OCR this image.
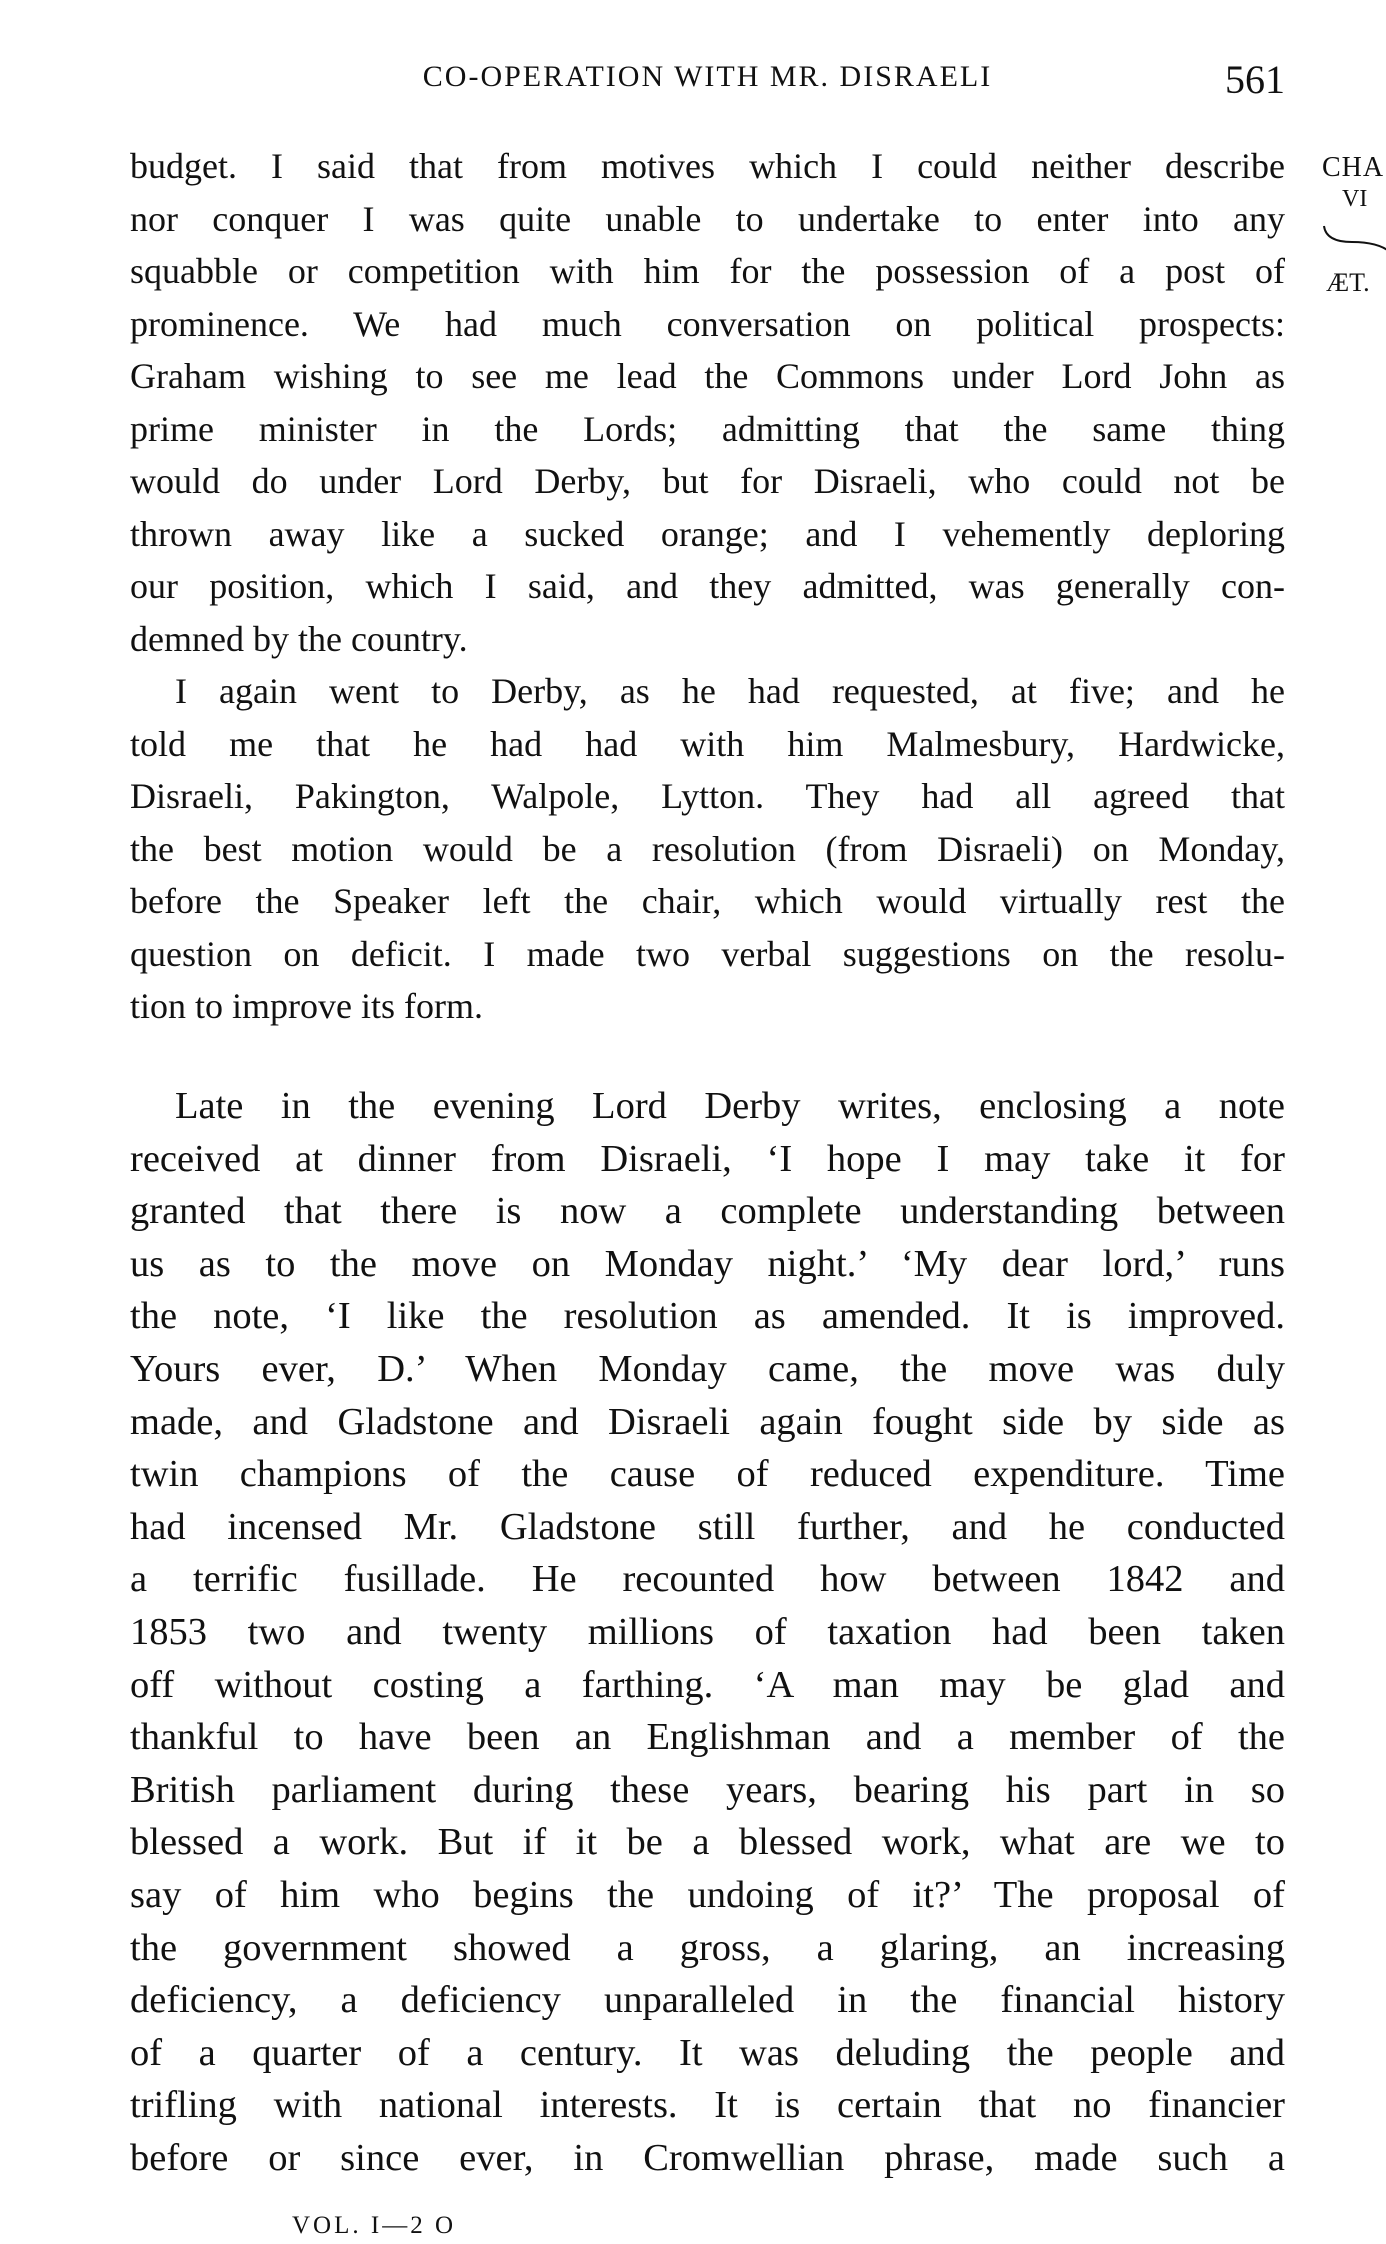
CO-OPERATION WITH MR. DISRAELI	561
CHA
VI
ÆT.
budget. I said that from motives which I could neither describe
nor conquer I was quite unable to undertake to enter into any
squabble or competition with him for the possession of a post of
prominence. We had much conversation on political prospects:
Graham wishing to see me lead the Commons under Lord John as
prime minister in the Lords; admitting that the same thing
would do under Lord Derby, but for Disraeli, who could not be
thrown away like a sucked orange; and I vehemently deploring
our position, which I said, and they admitted, was generally con-
demned by the country.
I again went to Derby, as he had requested, at five; and he
told me that he had had with him Malmesbury, Hardwicke,
Disraeli, Pakington, Walpole, Lytton. They had all agreed that
the best motion would be a resolution (from Disraeli) on Monday,
before the Speaker left the chair, which would virtually rest the
question on deficit. I made two verbal suggestions on the resolu-
tion to improve its form.
Late in the evening Lord Derby writes, enclosing a note
received at dinner from Disraeli, ‘I hope I may take it for
granted that there is now a complete understanding between
us as to the move on Monday night.’ ‘My dear lord,’ runs
the note, ‘I like the resolution as amended. It is improved.
Yours ever, D.’ When Monday came, the move was duly
made, and Gladstone and Disraeli again fought side by side as
twin champions of the cause of reduced expenditure. Time
had incensed Mr. Gladstone still further, and he conducted
a terrific fusillade. He recounted how between 1842 and
1853 two and twenty millions of taxation had been taken
off without costing a farthing. ‘A man may be glad and
thankful to have been an Englishman and a member of the
British parliament during these years, bearing his part in so
blessed a work. But if it be a blessed work, what are we to
say of him who begins the undoing of it?’ The proposal of
the government showed a gross, a glaring, an increasing
deficiency, a deficiency unparalleled in the financial history
of a quarter of a century. It was deluding the people and
trifling with national interests. It is certain that no financier
before or since ever, in Cromwellian phrase, made such a
VOL. I—2 O
